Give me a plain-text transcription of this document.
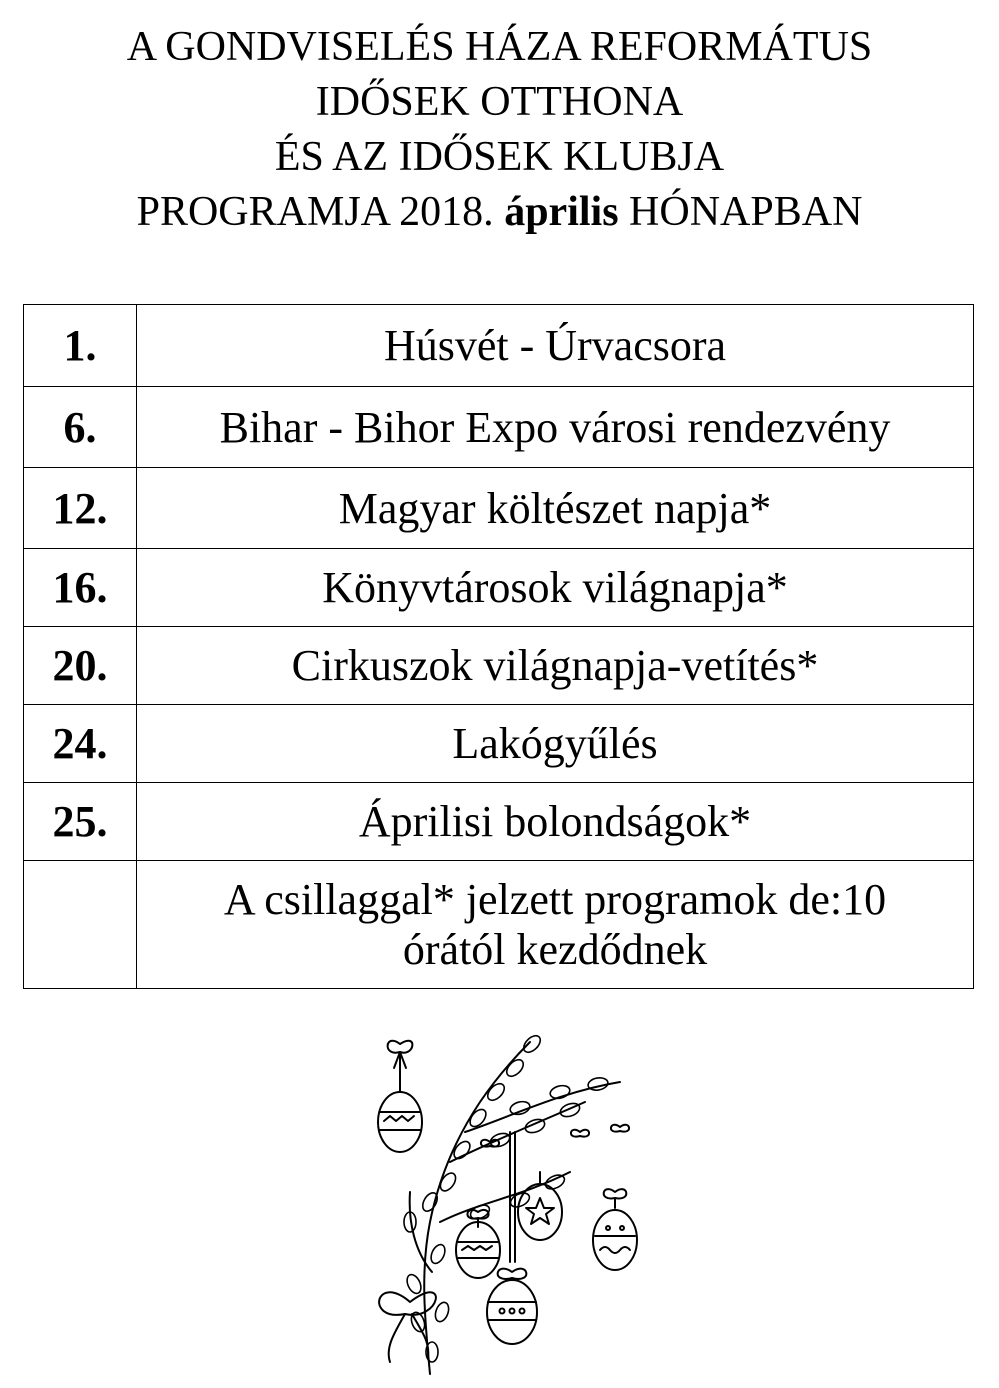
A GONDVISELÉS HÁZA REFORMÁTUS
IDŐSEK OTTHONA
ÉS AZ IDŐSEK KLUBJA
PROGRAMJA 2018. április HÓNAPBAN
1.	Húsvét - Úrvacsora
6.	Bihar - Bihor Expo városi rendezvény
12.	Magyar költészet napja*
16.	Könyvtárosok világnapja*
20.	Cirkuszok világnapja-vetítés*
24.	Lakógyűlés
25.	Áprilisi bolondságok*

	A csillaggal* jelzett programok de:10
órától kezdődnek
